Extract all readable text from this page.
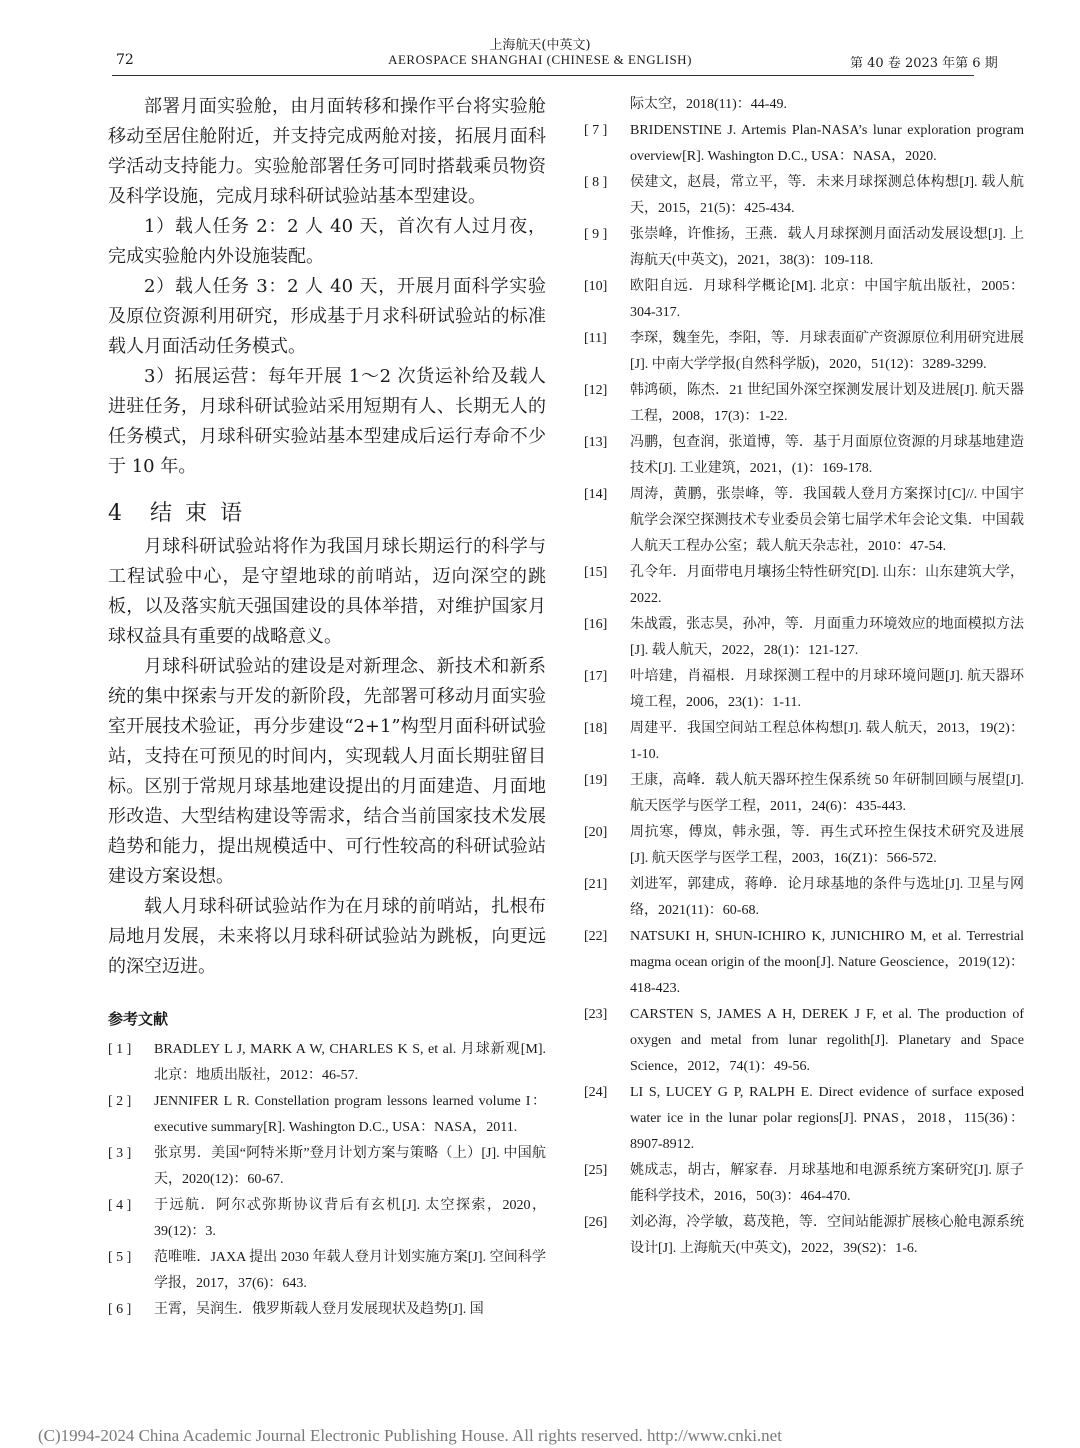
72
上海航天(中英文)
AEROSPACE SHANGHAI (CHINESE & ENGLISH)	第 40 卷 2023 年第 6 期

部署月面实验舱，由月面转移和操作平台将实验舱移动至居住舱附近，并支持完成两舱对接，拓展月面科学活动支持能力。实验舱部署任务可同时搭载乘员物资及科学设施，完成月球科研试验站基本型建设。

1）载人任务 2：2 人 40 天，首次有人过月夜，完成实验舱内外设施装配。

2）载人任务 3：2 人 40 天，开展月面科学实验及原位资源利用研究，形成基于月求科研试验站的标准载人月面活动任务模式。

3）拓展运营：每年开展 1～2 次货运补给及载人进驻任务，月球科研试验站采用短期有人、长期无人的任务模式，月球科研实验站基本型建成后运行寿命不少于 10 年。

4　结 束 语

月球科研试验站将作为我国月球长期运行的科学与工程试验中心，是守望地球的前哨站，迈向深空的跳板，以及落实航天强国建设的具体举措，对维护国家月球权益具有重要的战略意义。

月球科研试验站的建设是对新理念、新技术和新系统的集中探索与开发的新阶段，先部署可移动月面实验室开展技术验证，再分步建设“2+1”构型月面科研试验站，支持在可预见的时间内，实现载人月面长期驻留目标。区别于常规月球基地建设提出的月面建造、月面地形改造、大型结构建设等需求，结合当前国家技术发展趋势和能力，提出规模适中、可行性较高的科研试验站建设方案设想。

载人月球科研试验站作为在月球的前哨站，扎根布局地月发展，未来将以月球科研试验站为跳板，向更远的深空迈进。

参考文献
[ 1 ]	BRADLEY L J, MARK A W, CHARLES K S, et al. 月球新观[M]. 北京：地质出版社，2012：46-57.
[ 2 ]	JENNIFER L R. Constellation program lessons learned volume I：executive summary[R]. Washington D.C., USA：NASA，2011.
[ 3 ]	张京男．美国“阿特米斯”登月计划方案与策略（上）[J]. 中国航天，2020(12)：60-67.
[ 4 ]	于远航．阿尔忒弥斯协议背后有玄机[J]. 太空探索，2020，39(12)：3.
[ 5 ]	范唯唯．JAXA 提出 2030 年载人登月计划实施方案[J]. 空间科学学报，2017，37(6)：643.
[ 6 ]	王霄，吴润生．俄罗斯载人登月发展现状及趋势[J]. 国
际太空，2018(11)：44-49.
[ 7 ]	BRIDENSTINE J. Artemis Plan-NASA’s lunar exploration program overview[R]. Washington D.C., USA：NASA，2020.
[ 8 ]	侯建文，赵晨，常立平，等．未来月球探测总体构想[J]. 载人航天，2015，21(5)：425-434.
[ 9 ]	张崇峰，许惟扬，王燕．载人月球探测月面活动发展设想[J]. 上海航天(中英文)，2021，38(3)：109-118.
[10]	欧阳自远．月球科学概论[M]. 北京：中国宇航出版社，2005：304-317.
[11]	李琛，魏奎先，李阳，等．月球表面矿产资源原位利用研究进展[J]. 中南大学学报(自然科学版)，2020，51(12)：3289-3299.
[12]	韩鸿硕，陈杰．21 世纪国外深空探测发展计划及进展[J]. 航天器工程，2008，17(3)：1-22.
[13]	冯鹏，包查润，张道博，等．基于月面原位资源的月球基地建造技术[J]. 工业建筑，2021，(1)：169-178.
[14]	周涛，黄鹏，张崇峰，等．我国载人登月方案探讨[C]//. 中国宇航学会深空探测技术专业委员会第七届学术年会论文集．中国载人航天工程办公室；载人航天杂志社，2010：47-54.
[15]	孔令年．月面带电月壤扬尘特性研究[D]. 山东：山东建筑大学，2022.
[16]	朱战霞，张志昊，孙冲，等．月面重力环境效应的地面模拟方法[J]. 载人航天，2022，28(1)：121-127.
[17]	叶培建，肖福根．月球探测工程中的月球环境问题[J]. 航天器环境工程，2006，23(1)：1-11.
[18]	周建平．我国空间站工程总体构想[J]. 载人航天，2013，19(2)：1-10.
[19]	王康，高峰．载人航天器环控生保系统 50 年研制回顾与展望[J]. 航天医学与医学工程，2011，24(6)：435-443.
[20]	周抗寒，傅岚，韩永强，等．再生式环控生保技术研究及进展[J]. 航天医学与医学工程，2003，16(Z1)：566-572.
[21]	刘进军，郭建成，蒋峥．论月球基地的条件与选址[J]. 卫星与网络，2021(11)：60-68.
[22]	NATSUKI H, SHUN-ICHIRO K, JUNICHIRO M, et al. Terrestrial magma ocean origin of the moon[J]. Nature Geoscience，2019(12)：418-423.
[23]	CARSTEN S, JAMES A H, DEREK J F, et al. The production of oxygen and metal from lunar regolith[J]. Planetary and Space Science，2012，74(1)：49-56.
[24]	LI S, LUCEY G P, RALPH E. Direct evidence of surface exposed water ice in the lunar polar regions[J]. PNAS，2018，115(36)：8907-8912.
[25]	姚成志，胡古，解家春．月球基地和电源系统方案研究[J]. 原子能科学技术，2016，50(3)：464-470.
[26]	刘必海，冷学敏，葛茂艳，等．空间站能源扩展核心舱电源系统设计[J]. 上海航天(中英文)，2022，39(S2)：1-6.
(C)1994-2024 China Academic Journal Electronic Publishing House. All rights reserved. http://www.cnki.net
